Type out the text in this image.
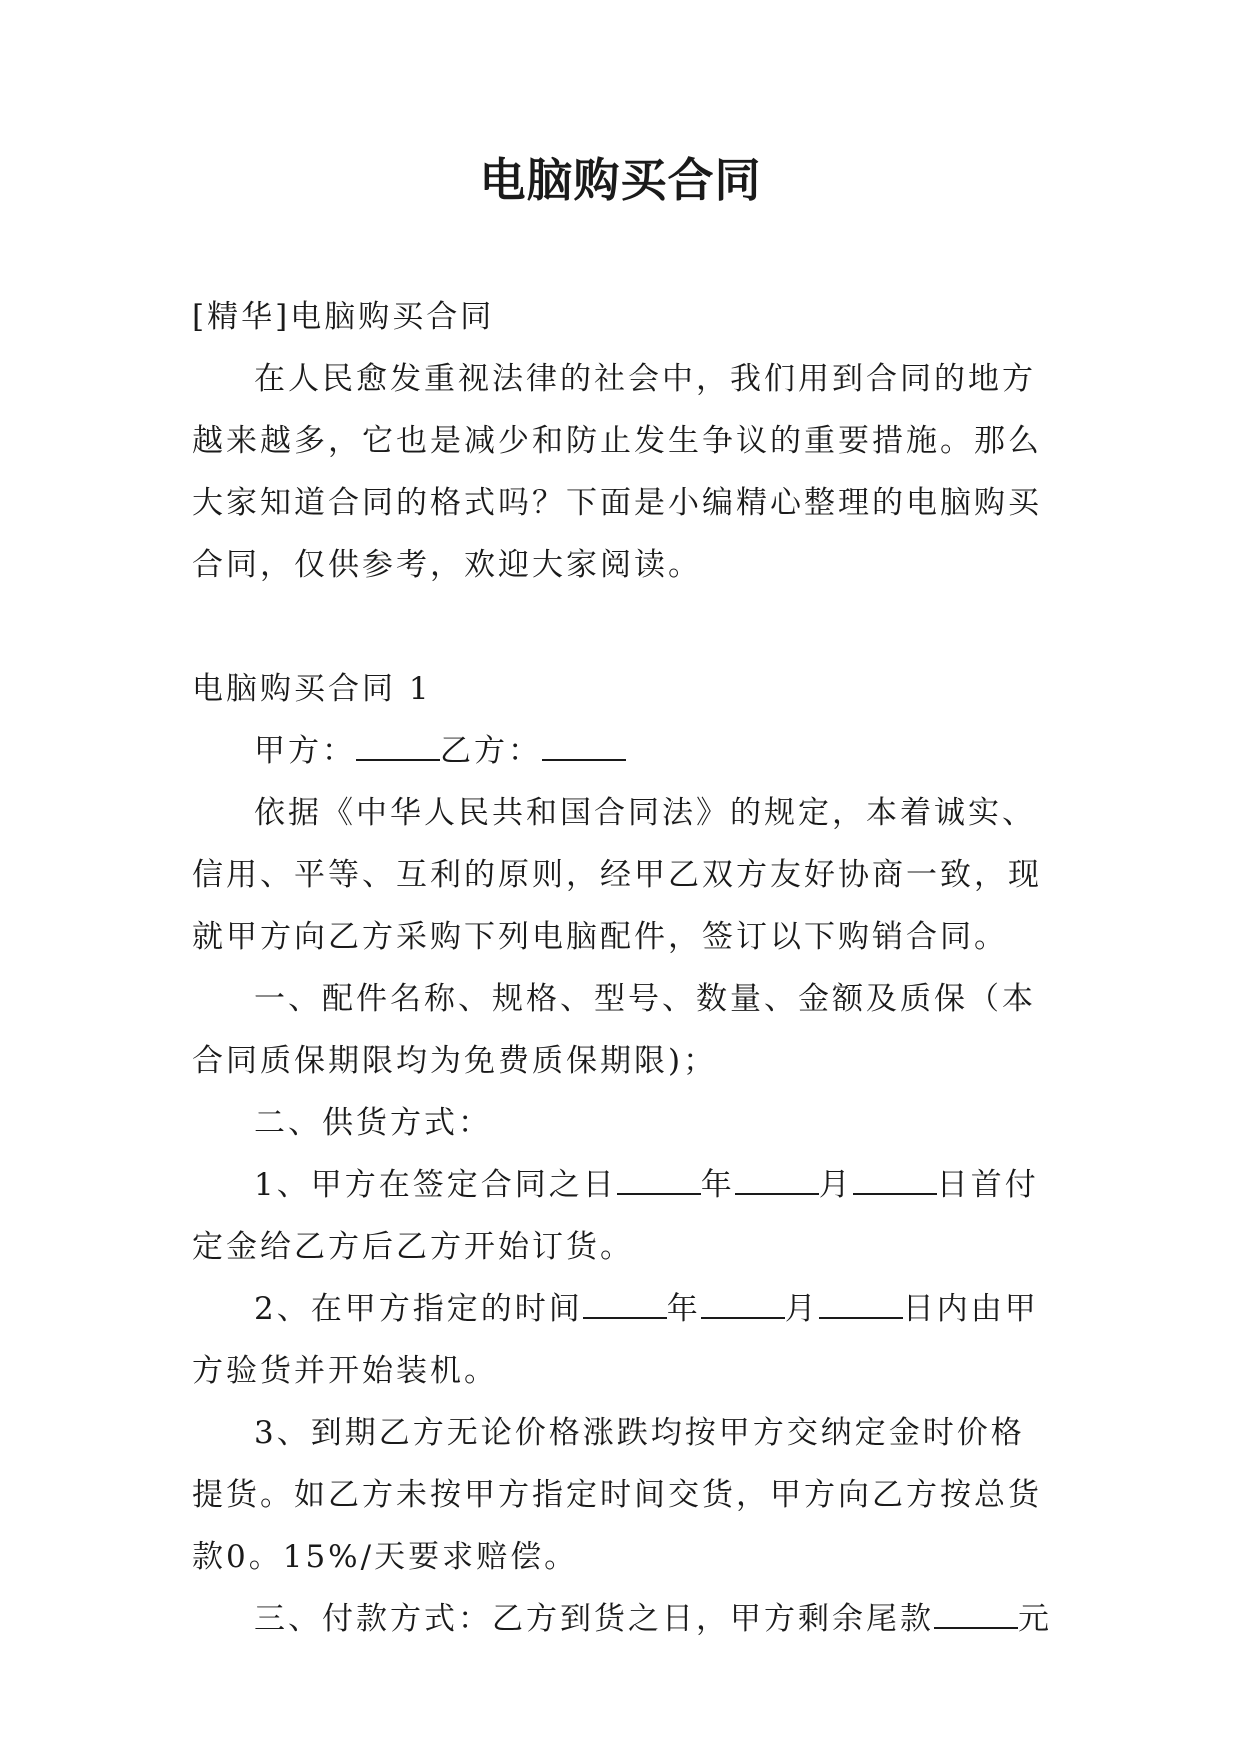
电脑购买合同

[精华]电脑购买合同

在人民愈发重视法律的社会中，我们用到合同的地方越来越多，它也是减少和防止发生争议的重要措施。那么大家知道合同的格式吗？下面是小编精心整理的电脑购买合同，仅供参考，欢迎大家阅读。

电脑购买合同 1

甲方：	乙方：

依据《中华人民共和国合同法》的规定，本着诚实、信用、平等、互利的原则，经甲乙双方友好协商一致，现就甲方向乙方采购下列电脑配件，签订以下购销合同。

一、配件名称、规格、型号、数量、金额及质保（本合同质保期限均为免费质保期限)；

二、供货方式：

1、甲方在签定合同之日	年	月	日首付定金给乙方后乙方开始订货。

2、在甲方指定的时间	年	月	日内由甲方验货并开始装机。

3、到期乙方无论价格涨跌均按甲方交纳定金时价格提货。如乙方未按甲方指定时间交货，甲方向乙方按总货款0。15%/天要求赔偿。

三、付款方式：乙方到货之日，甲方剩余尾款	元
